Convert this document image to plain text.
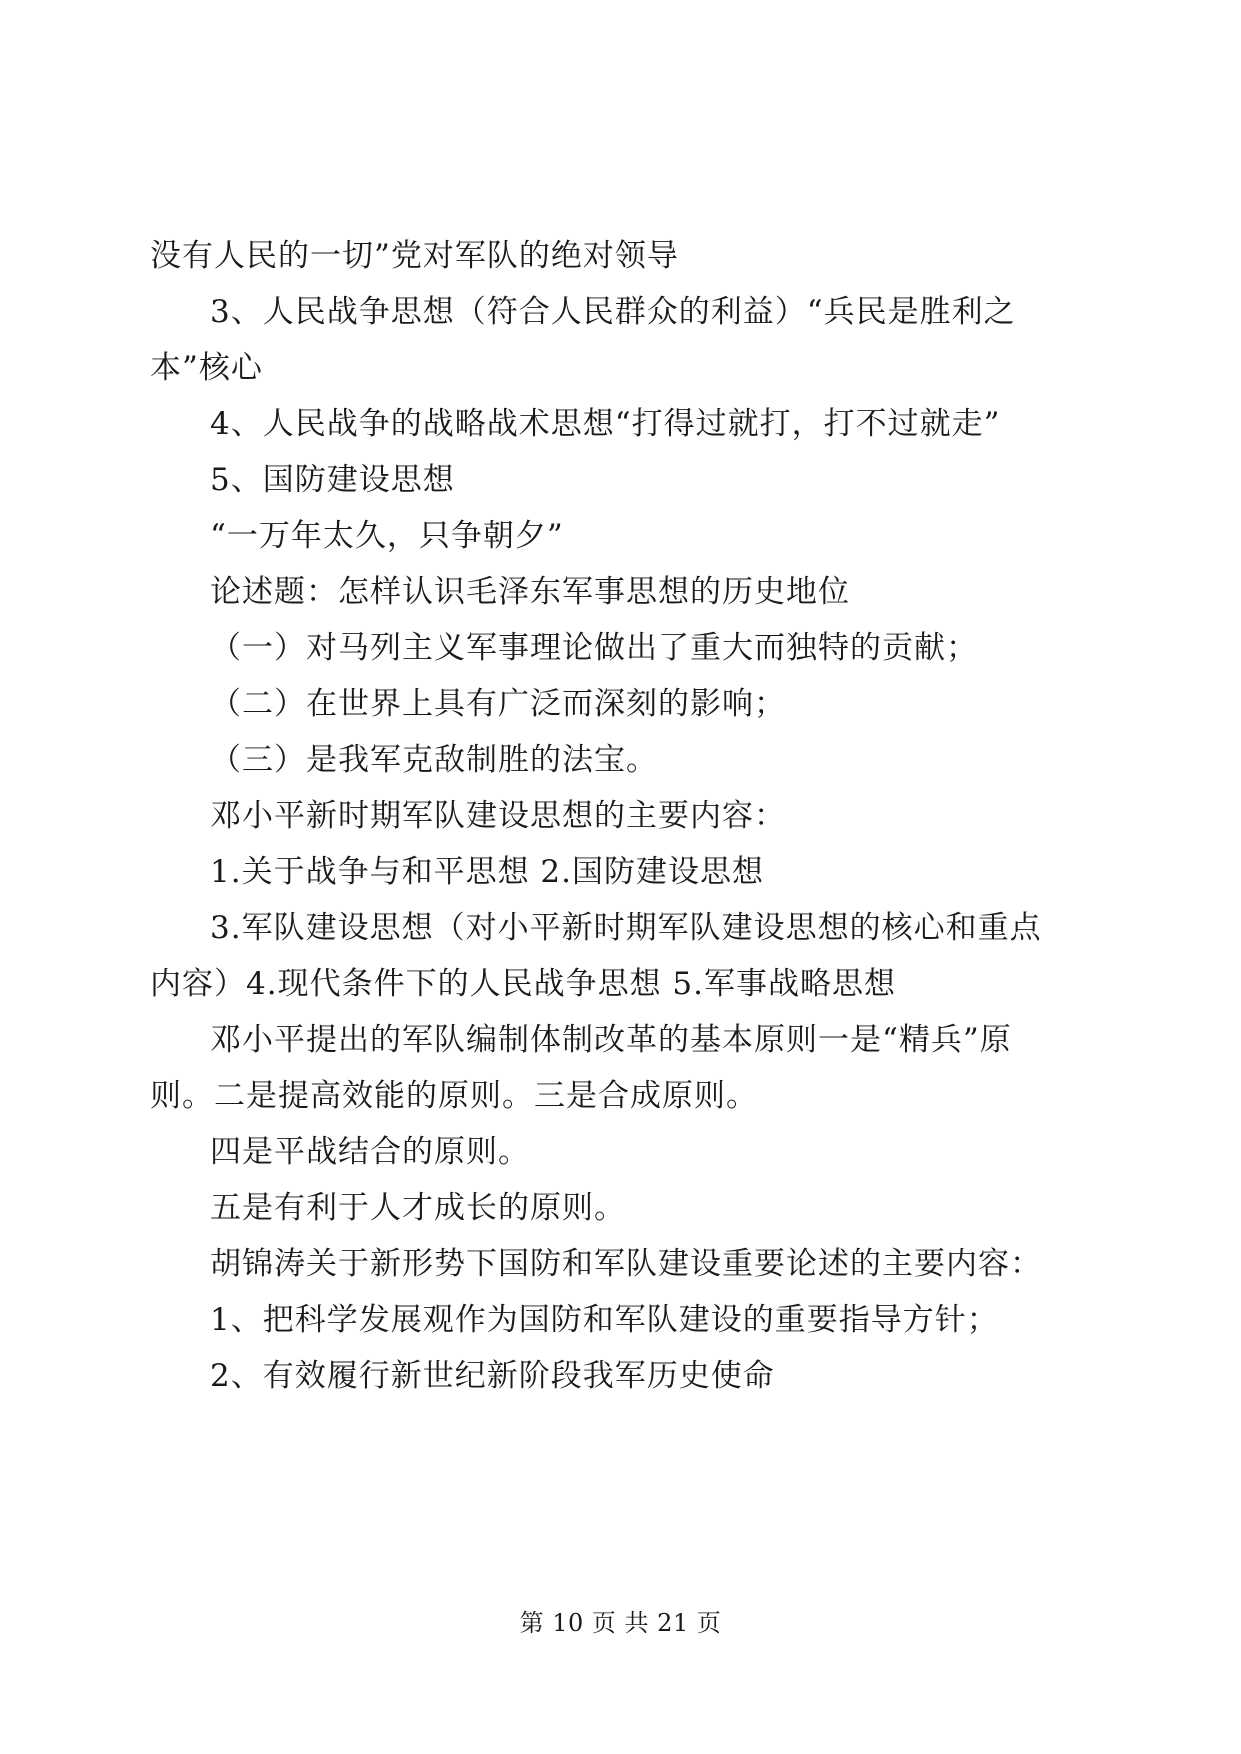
没有人民的一切”党对军队的绝对领导
3、人民战争思想（符合人民群众的利益）“兵民是胜利之
本”核心
4、人民战争的战略战术思想“打得过就打，打不过就走”
5、国防建设思想
“一万年太久，只争朝夕”
论述题：怎样认识毛泽东军事思想的历史地位
（一）对马列主义军事理论做出了重大而独特的贡献；
（二）在世界上具有广泛而深刻的影响；
（三）是我军克敌制胜的法宝。
邓小平新时期军队建设思想的主要内容：
1.关于战争与和平思想 2.国防建设思想
3.军队建设思想（对小平新时期军队建设思想的核心和重点
内容）4.现代条件下的人民战争思想 5.军事战略思想
邓小平提出的军队编制体制改革的基本原则一是“精兵”原
则。二是提高效能的原则。三是合成原则。
四是平战结合的原则。
五是有利于人才成长的原则。
胡锦涛关于新形势下国防和军队建设重要论述的主要内容：
1、把科学发展观作为国防和军队建设的重要指导方针；
2、有效履行新世纪新阶段我军历史使命
第 10 页 共 21 页
